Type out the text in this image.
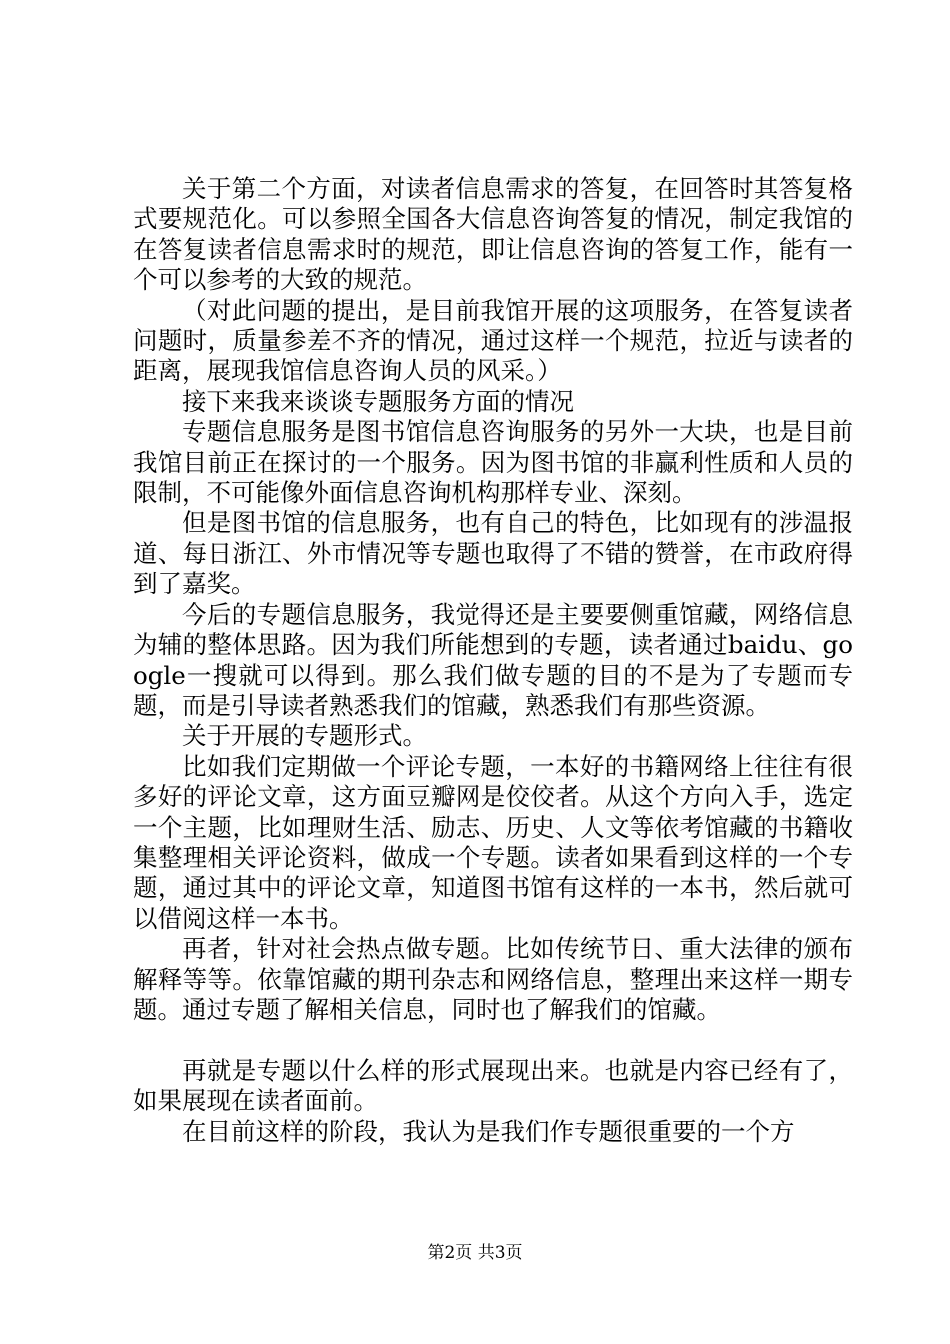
关于第二个方面，对读者信息需求的答复，在回答时其答复格式要规范化。可以参照全国各大信息咨询答复的情况，制定我馆的在答复读者信息需求时的规范，即让信息咨询的答复工作，能有一个可以参考的大致的规范。

（对此问题的提出，是目前我馆开展的这项服务，在答复读者问题时，质量参差不齐的情况，通过这样一个规范，拉近与读者的距离，展现我馆信息咨询人员的风采。）

接下来我来谈谈专题服务方面的情况

专题信息服务是图书馆信息咨询服务的另外一大块，也是目前我馆目前正在探讨的一个服务。因为图书馆的非赢利性质和人员的限制，不可能像外面信息咨询机构那样专业、深刻。

但是图书馆的信息服务，也有自己的特色，比如现有的涉温报道、每日浙江、外市情况等专题也取得了不错的赞誉，在市政府得到了嘉奖。

今后的专题信息服务，我觉得还是主要要侧重馆藏，网络信息为辅的整体思路。因为我们所能想到的专题，读者通过baidu、google一搜就可以得到。那么我们做专题的目的不是为了专题而专题，而是引导读者熟悉我们的馆藏，熟悉我们有那些资源。

关于开展的专题形式。

比如我们定期做一个评论专题，一本好的书籍网络上往往有很多好的评论文章，这方面豆瓣网是佼佼者。从这个方向入手，选定一个主题，比如理财生活、励志、历史、人文等依考馆藏的书籍收集整理相关评论资料，做成一个专题。读者如果看到这样的一个专题，通过其中的评论文章，知道图书馆有这样的一本书，然后就可以借阅这样一本书。

再者，针对社会热点做专题。比如传统节日、重大法律的颁布解释等等。依靠馆藏的期刊杂志和网络信息，整理出来这样一期专题。通过专题了解相关信息，同时也了解我们的馆藏。

再就是专题以什么样的形式展现出来。也就是内容已经有了，如果展现在读者面前。

在目前这样的阶段，我认为是我们作专题很重要的一个方

第2页 共3页
